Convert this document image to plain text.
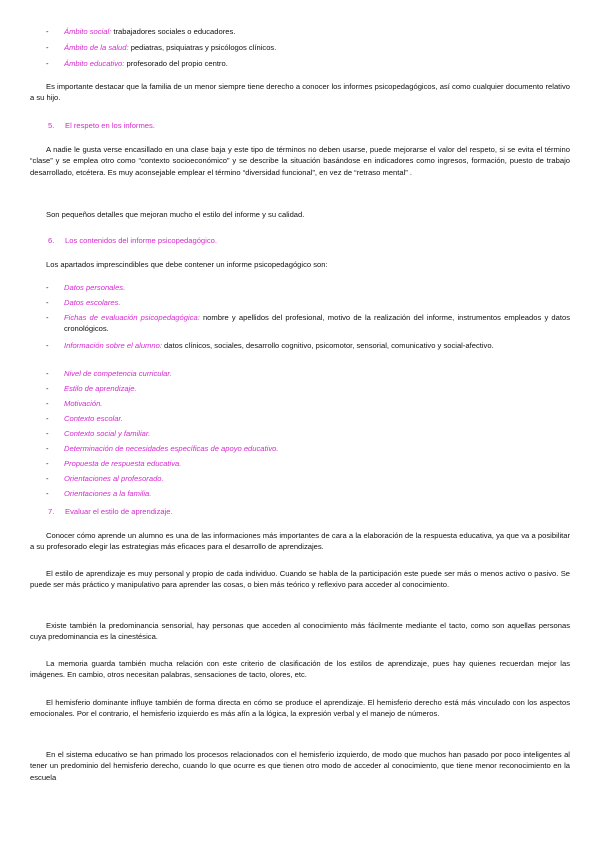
-	Ámbito social: trabajadores sociales o educadores.
-	Ámbito de la salud: pediatras, psiquiatras y psicólogos clínicos.
-	Ámbito educativo: profesorado del propio centro.
Es importante destacar que la familia de un menor siempre tiene derecho a conocer los informes psicopedagógicos, así como cualquier documento relativo a su hijo.
5. El respeto en los informes.
A nadie le gusta verse encasillado en una clase baja y este tipo de términos no deben usarse, puede mejorarse el valor del respeto, si se evita el término “clase” y se emplea otro como “contexto socioeconómico” y se describe la situación basándose en indicadores como ingresos, formación, puesto de trabajo desarrollado, etcétera. Es muy aconsejable emplear el término “diversidad funcional”, en vez de “retraso mental” .
Son pequeños detalles que mejoran mucho el estilo del informe y su calidad.
6. Los contenidos del informe psicopedagógico.
Los apartados imprescindibles que debe contener un informe psicopedagógico son:
-	Datos personales.
-	Datos escolares.
-	Fichas de evaluación psicopedagógica: nombre y apellidos del profesional, motivo de la realización del informe, instrumentos empleados y datos cronológicos.
-	Información sobre el alumno: datos clínicos, sociales, desarrollo cognitivo, psicomotor, sensorial, comunicativo y social-afectivo.
-	Nivel de competencia curricular.
-	Estilo de aprendizaje.
-	Motivación.
-	Contexto escolar.
-	Contexto social y familiar.
-	Determinación de necesidades específicas de apoyo educativo.
-	Propuesta de respuesta educativa.
-	Orientaciones al profesorado.
-	Orientaciones a la familia.
7. Evaluar el estilo de aprendizaje.
Conocer cómo aprende un alumno es una de las informaciones más importantes de cara a la elaboración de la respuesta educativa, ya que va a posibilitar a su profesorado elegir las estrategias más eficaces para el desarrollo de aprendizajes.
El estilo de aprendizaje es muy personal y propio de cada individuo. Cuando se habla de la participación este puede ser más o menos activo o pasivo. Se puede ser más práctico y manipulativo para aprender las cosas, o bien más teórico y reflexivo para acceder al conocimiento.
Existe también la predominancia sensorial, hay personas que acceden al conocimiento más fácilmente mediante el tacto, como son aquellas personas cuya predominancia es la cinestésica.
La memoria guarda también mucha relación con este criterio de clasificación de los estilos de aprendizaje, pues hay quienes recuerdan mejor las imágenes. En cambio, otros necesitan palabras, sensaciones de tacto, olores, etc.
El hemisferio dominante influye también de forma directa en cómo se produce el aprendizaje. El hemisferio derecho está más vinculado con los aspectos emocionales. Por el contrario, el hemisferio izquierdo es más afín a la lógica, la expresión verbal y el manejo de números.
En el sistema educativo se han primado los procesos relacionados con el hemisferio izquierdo, de modo que muchos han pasado por poco inteligentes al tener un predominio del hemisferio derecho, cuando lo que ocurre es que tienen otro modo de acceder al conocimiento, que tiene menor reconocimiento en la escuela
